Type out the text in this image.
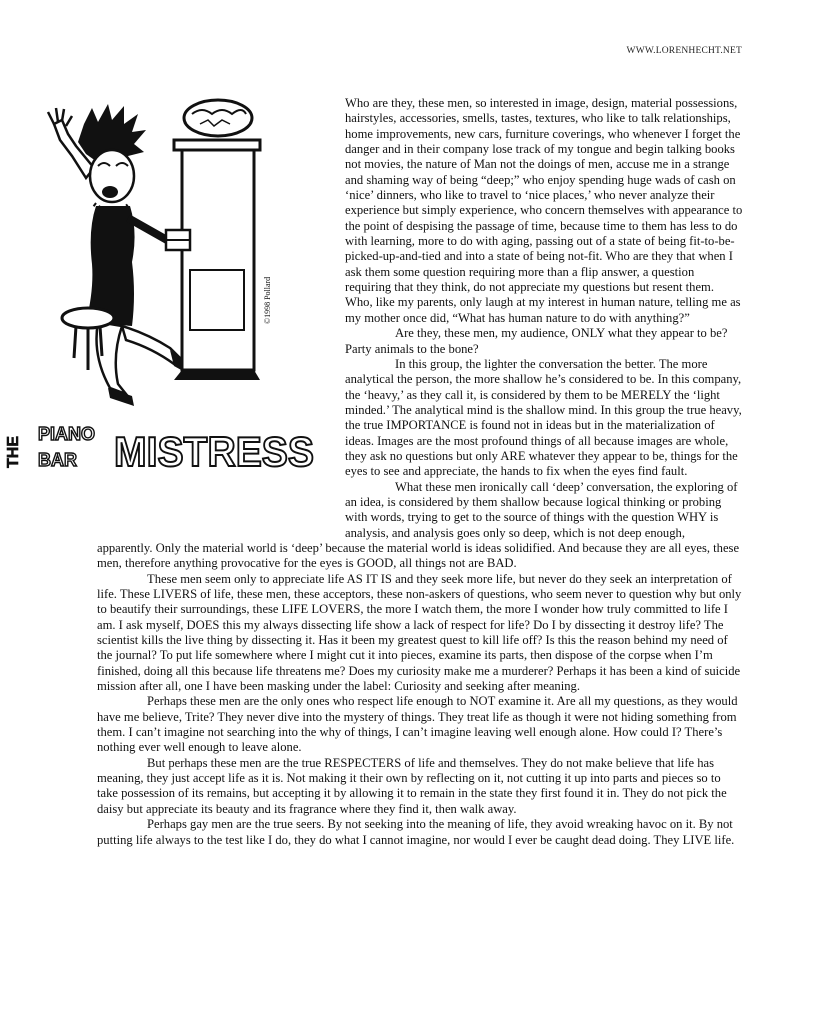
WWW.LORENHECHT.NET
©1998 Pollard
THE
PIANO
BAR MISTRESS

Who are they, these men, so interested in image, design, material possessions, hairstyles, accessories, smells, tastes, textures, who like to talk relationships, home improvements, new cars, furniture coverings, who whenever I forget the danger and in their company lose track of my tongue and begin talking books not movies, the nature of Man not the doings of men, accuse me in a strange and shaming way of being “deep;” who enjoy spending huge wads of cash on ‘nice’ dinners, who like to travel to ‘nice places,’ who never analyze their experience but simply experience, who concern themselves with appearance to the point of despising the passage of time, because time to them has less to do with learning, more to do with aging, passing out of a state of being fit-to-be-picked-up-and-tied and into a state of being not-fit. Who are they that when I ask them some question requiring more than a flip answer, a question requiring that they think, do not appreciate my questions but resent them. Who, like my parents, only laugh at my interest in human nature, telling me as my mother once did, “What has human nature to do with anything?”

Are they, these men, my audience, ONLY what they appear to be? Party animals to the bone?

In this group, the lighter the conversation the better. The more analytical the person, the more shallow he’s considered to be. In this company, the ‘heavy,’ as they call it, is considered by them to be MERELY the ‘light minded.’ The analytical mind is the shallow mind. In this group the true heavy, the true IMPORTANCE is found not in ideas but in the materialization of ideas. Images are the most profound things of all because images are whole, they ask no questions but only ARE whatever they appear to be, things for the eyes to see and appreciate, the hands to fix when the eyes find fault.

What these men ironically call ‘deep’ conversation, the exploring of an idea, is considered by them shallow because logical thinking or probing with words, trying to get to the source of things with the question WHY is analysis, and analysis goes only so deep, which is not deep enough, apparently. Only the material world is ‘deep’ because the material world is ideas solidified. And because they are all eyes, these men, therefore anything provocative for the eyes is GOOD, all things not are BAD.

These men seem only to appreciate life AS IT IS and they seek more life, but never do they seek an interpretation of life. These LIVERS of life, these men, these acceptors, these non-askers of questions, who seem never to question why but only to beautify their surroundings, these LIFE LOVERS, the more I watch them, the more I wonder how truly committed to life I am. I ask myself, DOES this my always dissecting life show a lack of respect for life? Do I by dissecting it destroy life? The scientist kills the live thing by dissecting it. Has it been my greatest quest to kill life off? Is this the reason behind my need of the journal? To put life somewhere where I might cut it into pieces, examine its parts, then dispose of the corpse when I’m finished, doing all this because life threatens me? Does my curiosity make me a murderer? Perhaps it has been a kind of suicide mission after all, one I have been masking under the label: Curiosity and seeking after meaning.

Perhaps these men are the only ones who respect life enough to NOT examine it. Are all my questions, as they would have me believe, Trite? They never dive into the mystery of things. They treat life as though it were not hiding something from them. I can’t imagine not searching into the why of things, I can’t imagine leaving well enough alone. How could I? There’s nothing ever well enough to leave alone.

But perhaps these men are the true RESPECTERS of life and themselves. They do not make believe that life has meaning, they just accept life as it is. Not making it their own by reflecting on it, not cutting it up into parts and pieces so to take possession of its remains, but accepting it by allowing it to remain in the state they first found it in. They do not pick the daisy but appreciate its beauty and its fragrance where they find it, then walk away.

Perhaps gay men are the true seers. By not seeking into the meaning of life, they avoid wreaking havoc on it. By not putting life always to the test like I do, they do what I cannot imagine, nor would I ever be caught dead doing. They LIVE life.
